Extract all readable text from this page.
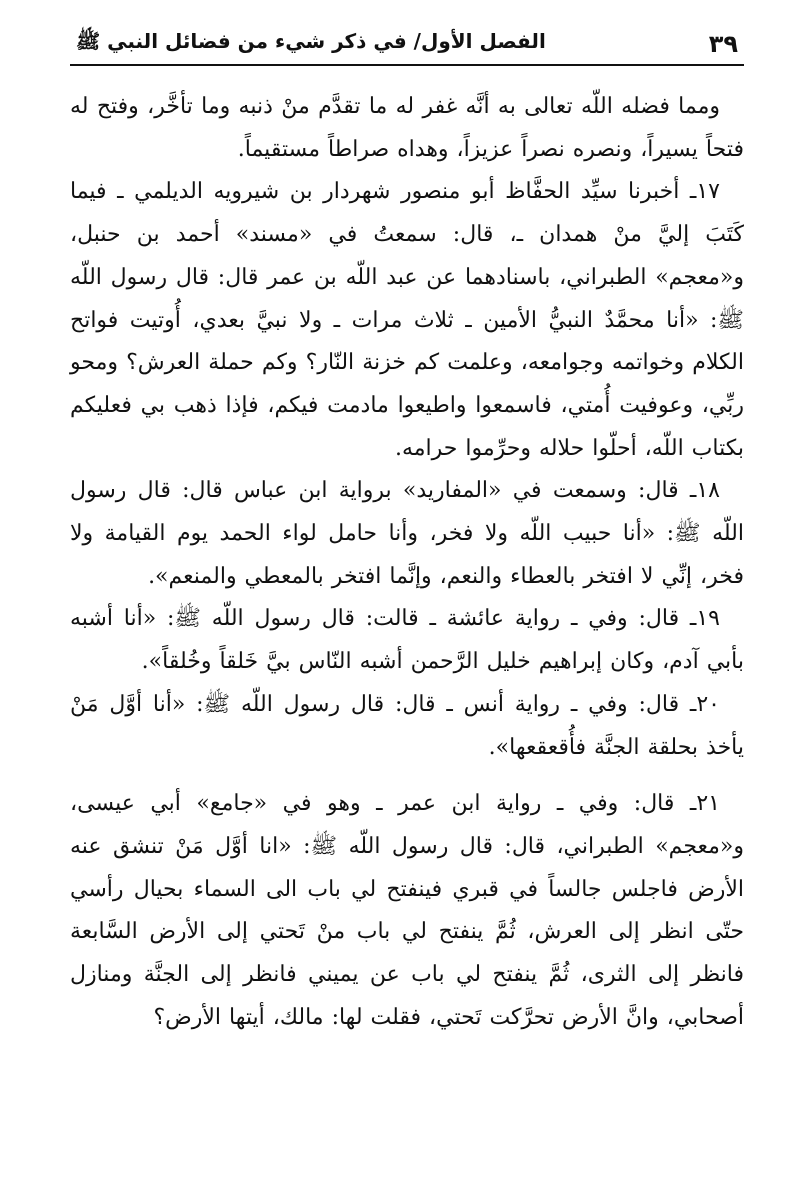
الفصل الأول/ في ذكر شيء من فضائل النبي ﷺ	٣٩

ومما فضله اللّه تعالى به أنَّه غفر له ما تقدَّم منْ ذنبه وما تأخَّر، وفتح له فتحاً يسيراً، ونصره نصراً عزيزاً، وهداه صراطاً مستقيماً.

١٧ـ أخبرنا سيِّد الحفَّاظ أبو منصور شهردار بن شيرويه الديلمي ـ فيما كَتَبَ إليَّ منْ همدان ـ، قال: سمعتُ في «مسند» أحمد بن حنبل، و«معجم» الطبراني، باسنادهما عن عبد اللّه بن عمر قال: قال رسول اللّه ﷺ: «أنا محمَّدٌ النبيُّ الأمين ـ ثلاث مرات ـ ولا نبيَّ بعدي، أُوتيت فواتح الكلام وخواتمه وجوامعه، وعلمت كم خزنة النّار؟ وكم حملة العرش؟ ومحو ربِّي، وعوفيت أُمتي، فاسمعوا واطيعوا مادمت فيكم، فإذا ذهب بي فعليكم بكتاب اللّه، أحلّوا حلاله وحرِّموا حرامه.

١٨ـ قال: وسمعت في «المفاريد» برواية ابن عباس قال: قال رسول اللّه ﷺ: «أنا حبيب اللّه ولا فخر، وأنا حامل لواء الحمد يوم القيامة ولا فخر، إنِّي لا افتخر بالعطاء والنعم، وإنَّما افتخر بالمعطي والمنعم».

١٩ـ قال: وفي ـ رواية عائشة ـ قالت: قال رسول اللّه ﷺ: «أنا أشبه بأبي آدم، وكان إبراهيم خليل الرَّحمن أشبه النّاس بيَّ خَلقاً وخُلقاً».

٢٠ـ قال: وفي ـ رواية أنس ـ قال: قال رسول اللّه ﷺ: «أنا أوَّل مَنْ يأخذ بحلقة الجنَّة فأُقعقعها».

٢١ـ قال: وفي ـ رواية ابن عمر ـ وهو في «جامع» أبي عيسى، و«معجم» الطبراني، قال: قال رسول اللّه ﷺ: «انا أوَّل مَنْ تنشق عنه الأرض فاجلس جالساً في قبري فينفتح لي باب الى السماء بحيال رأسي حتّى انظر إلى العرش، ثُمَّ ينفتح لي باب منْ تَحتي إلى الأرض السَّابعة فانظر إلى الثرى، ثُمَّ ينفتح لي باب عن يميني فانظر إلى الجنَّة ومنازل أصحابي، وانَّ الأرض تحرَّكت تَحتي، فقلت لها: مالك، أيتها الأرض؟
